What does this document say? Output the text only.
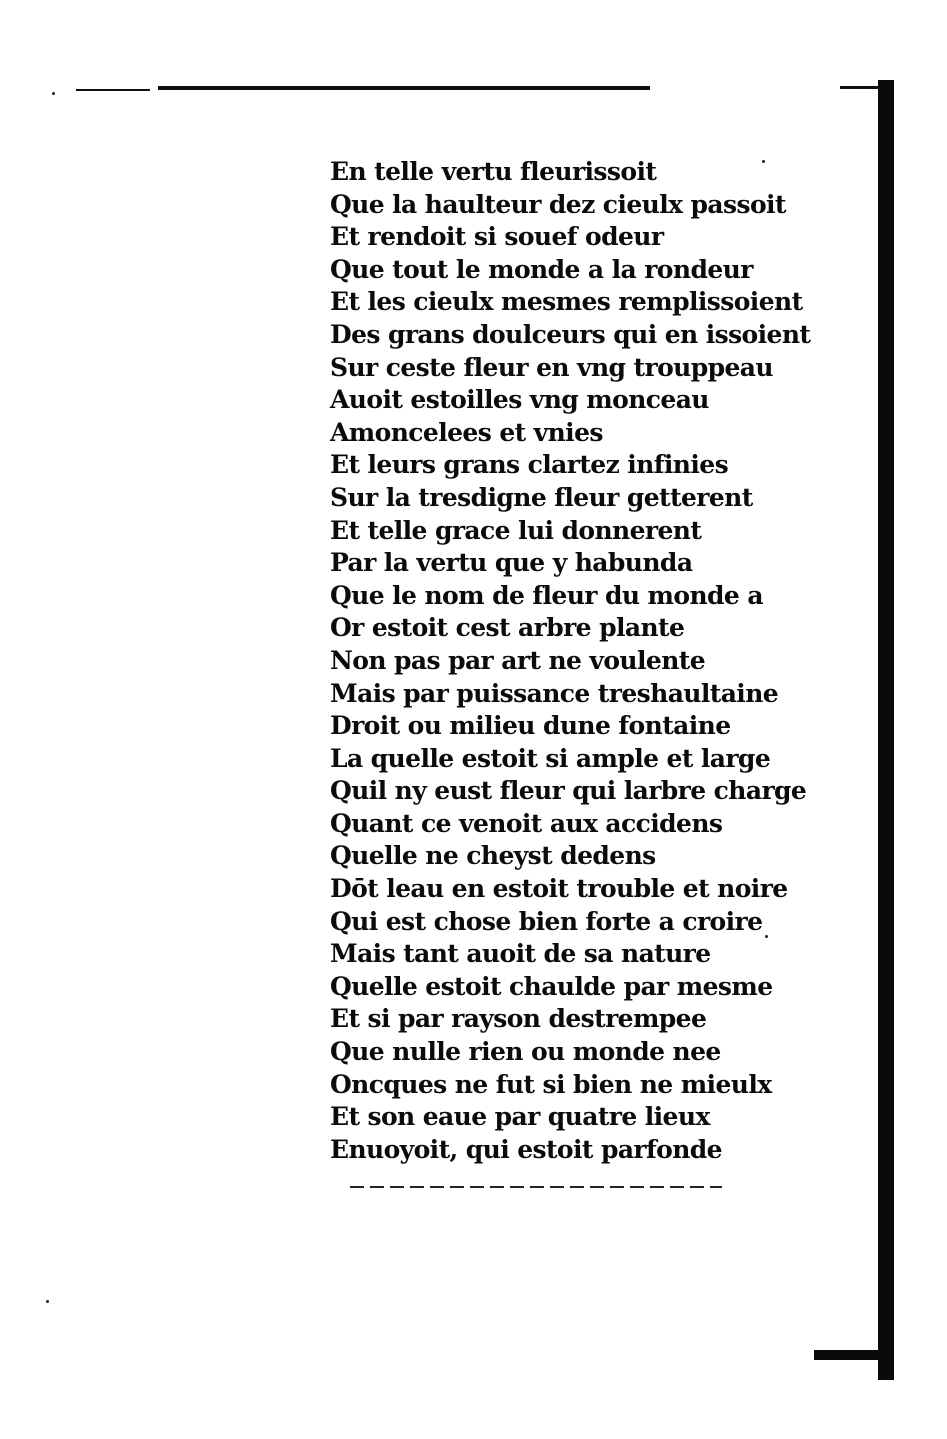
En telle vertu fleurissoit
Que la haulteur dez cieulx passoit
Et rendoit si souef odeur
Que tout le monde a la rondeur
Et les cieulx mesmes remplissoient
Des grans doulceurs qui en issoient
Sur ceste fleur en vng trouppeau
Auoit estoilles vng monceau
Amoncelees et vnies
Et leurs grans clartez infinies
Sur la tresdigne fleur getterent
Et telle grace lui donnerent
Par la vertu que y habunda
Que le nom de fleur du monde a
Or estoit cest arbre plante
Non pas par art ne voulente
Mais par puissance treshaultaine
Droit ou milieu dune fontaine
La quelle estoit si ample et large
Quil ny eust fleur qui larbre charge
Quant ce venoit aux accidens
Quelle ne cheyst dedens
Dōt leau en estoit trouble et noire
Qui est chose bien forte a croire
Mais tant auoit de sa nature
Quelle estoit chaulde par mesme
Et si par rayson destrempee
Que nulle rien ou monde nee
Oncques ne fut si bien ne mieulx
Et son eaue par quatre lieux
Enuoyoit, qui estoit parfonde
